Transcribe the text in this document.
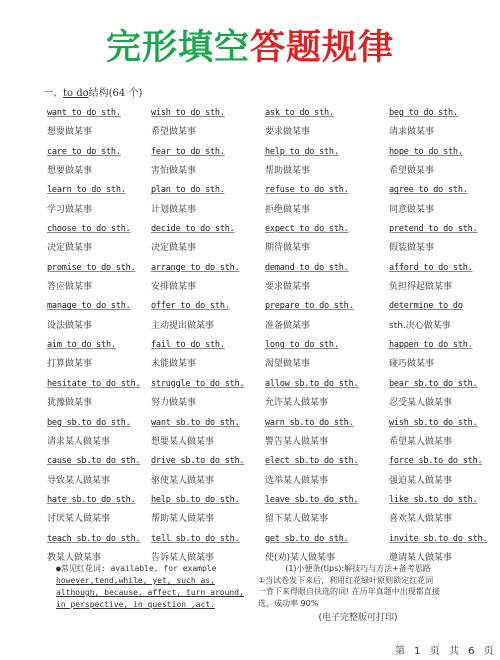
完形填空答题规律
一、to do结构(64 个)
want to do sth.	wish to do sth.	ask to do sth.	beg to do sth.
想要做某事	希望做某事	要求做某事	请求做某事
care to do sth.	fear to do sth.	help to do sth.	hope to do sth.
想要做某事	害怕做某事	帮助做某事	希望做某事
learn to do sth.	plan to do sth.	refuse to do sth.	agree to do sth.
学习做某事	计划做某事	拒绝做某事	同意做某事
choose to do sth.	decide to do sth.	expect to do sth.	pretend to do sth.
决定做某事	决定做某事	期待做某事	假装做某事
promise to do sth.	arrange to do sth.	demand to do sth.	afford to do sth.
答应做某事	安排做某事	要求做某事	负担得起做某事
manage to do sth.	offer to do sth.	prepare to do sth.	determine to do
设法做某事	主动提出做某事	准备做某事	sth.决心做某事
aim to do sth.	fail to do sth.	long to do sth.	happen to do sth.
打算做某事	未能做某事	渴望做某事	碰巧做某事
hesitate to do sth.	struggle to do sth.	allow sb.to do sth.	bear sb.to do sth.
犹豫做某事	努力做某事	允许某人做某事	忍受某人做某事
beg sb.to do sth.	want sb.to do sth.	warn sb.to do sth.	wish sb.to do sth.
请求某人做某事	想要某人做某事	警告某人做某事	希望某人做某事
cause sb.to do sth.	drive sb.to do sth.	elect sb.to do sth.	force sb.to do sth.
导致某人做某事	驱使某人做某事	选举某人做某事	强迫某人做某事
hate sb.to do sth.	help sb.to do sth.	leave sb.to do sth.	like sb.to do sth.
讨厌某人做某事	帮助某人做某事	留下某人做某事	喜欢某人做某事
teach sb.to do sth.	tell sb.to do sth.	get sb.to do sth.	invite sb.to do sth.
教某人做某事	告诉某人做某事	使(劝)某人做某事	邀请某人做某事
●常见红花词: available, for example
however,tend,while, yet, such as,
although, because, affect, turn around,
in perspective, in question ,act.
(1)小便条(tips):解技巧与方法+备考思路
①当试卷发下来后，利用红花绿叶原则锁定红花词
一背下来得眼自扶选的词! 在历年真题中出现都直接
选，成功率 90%
(电子完整版可打印)
第 1 页 共 6 页
